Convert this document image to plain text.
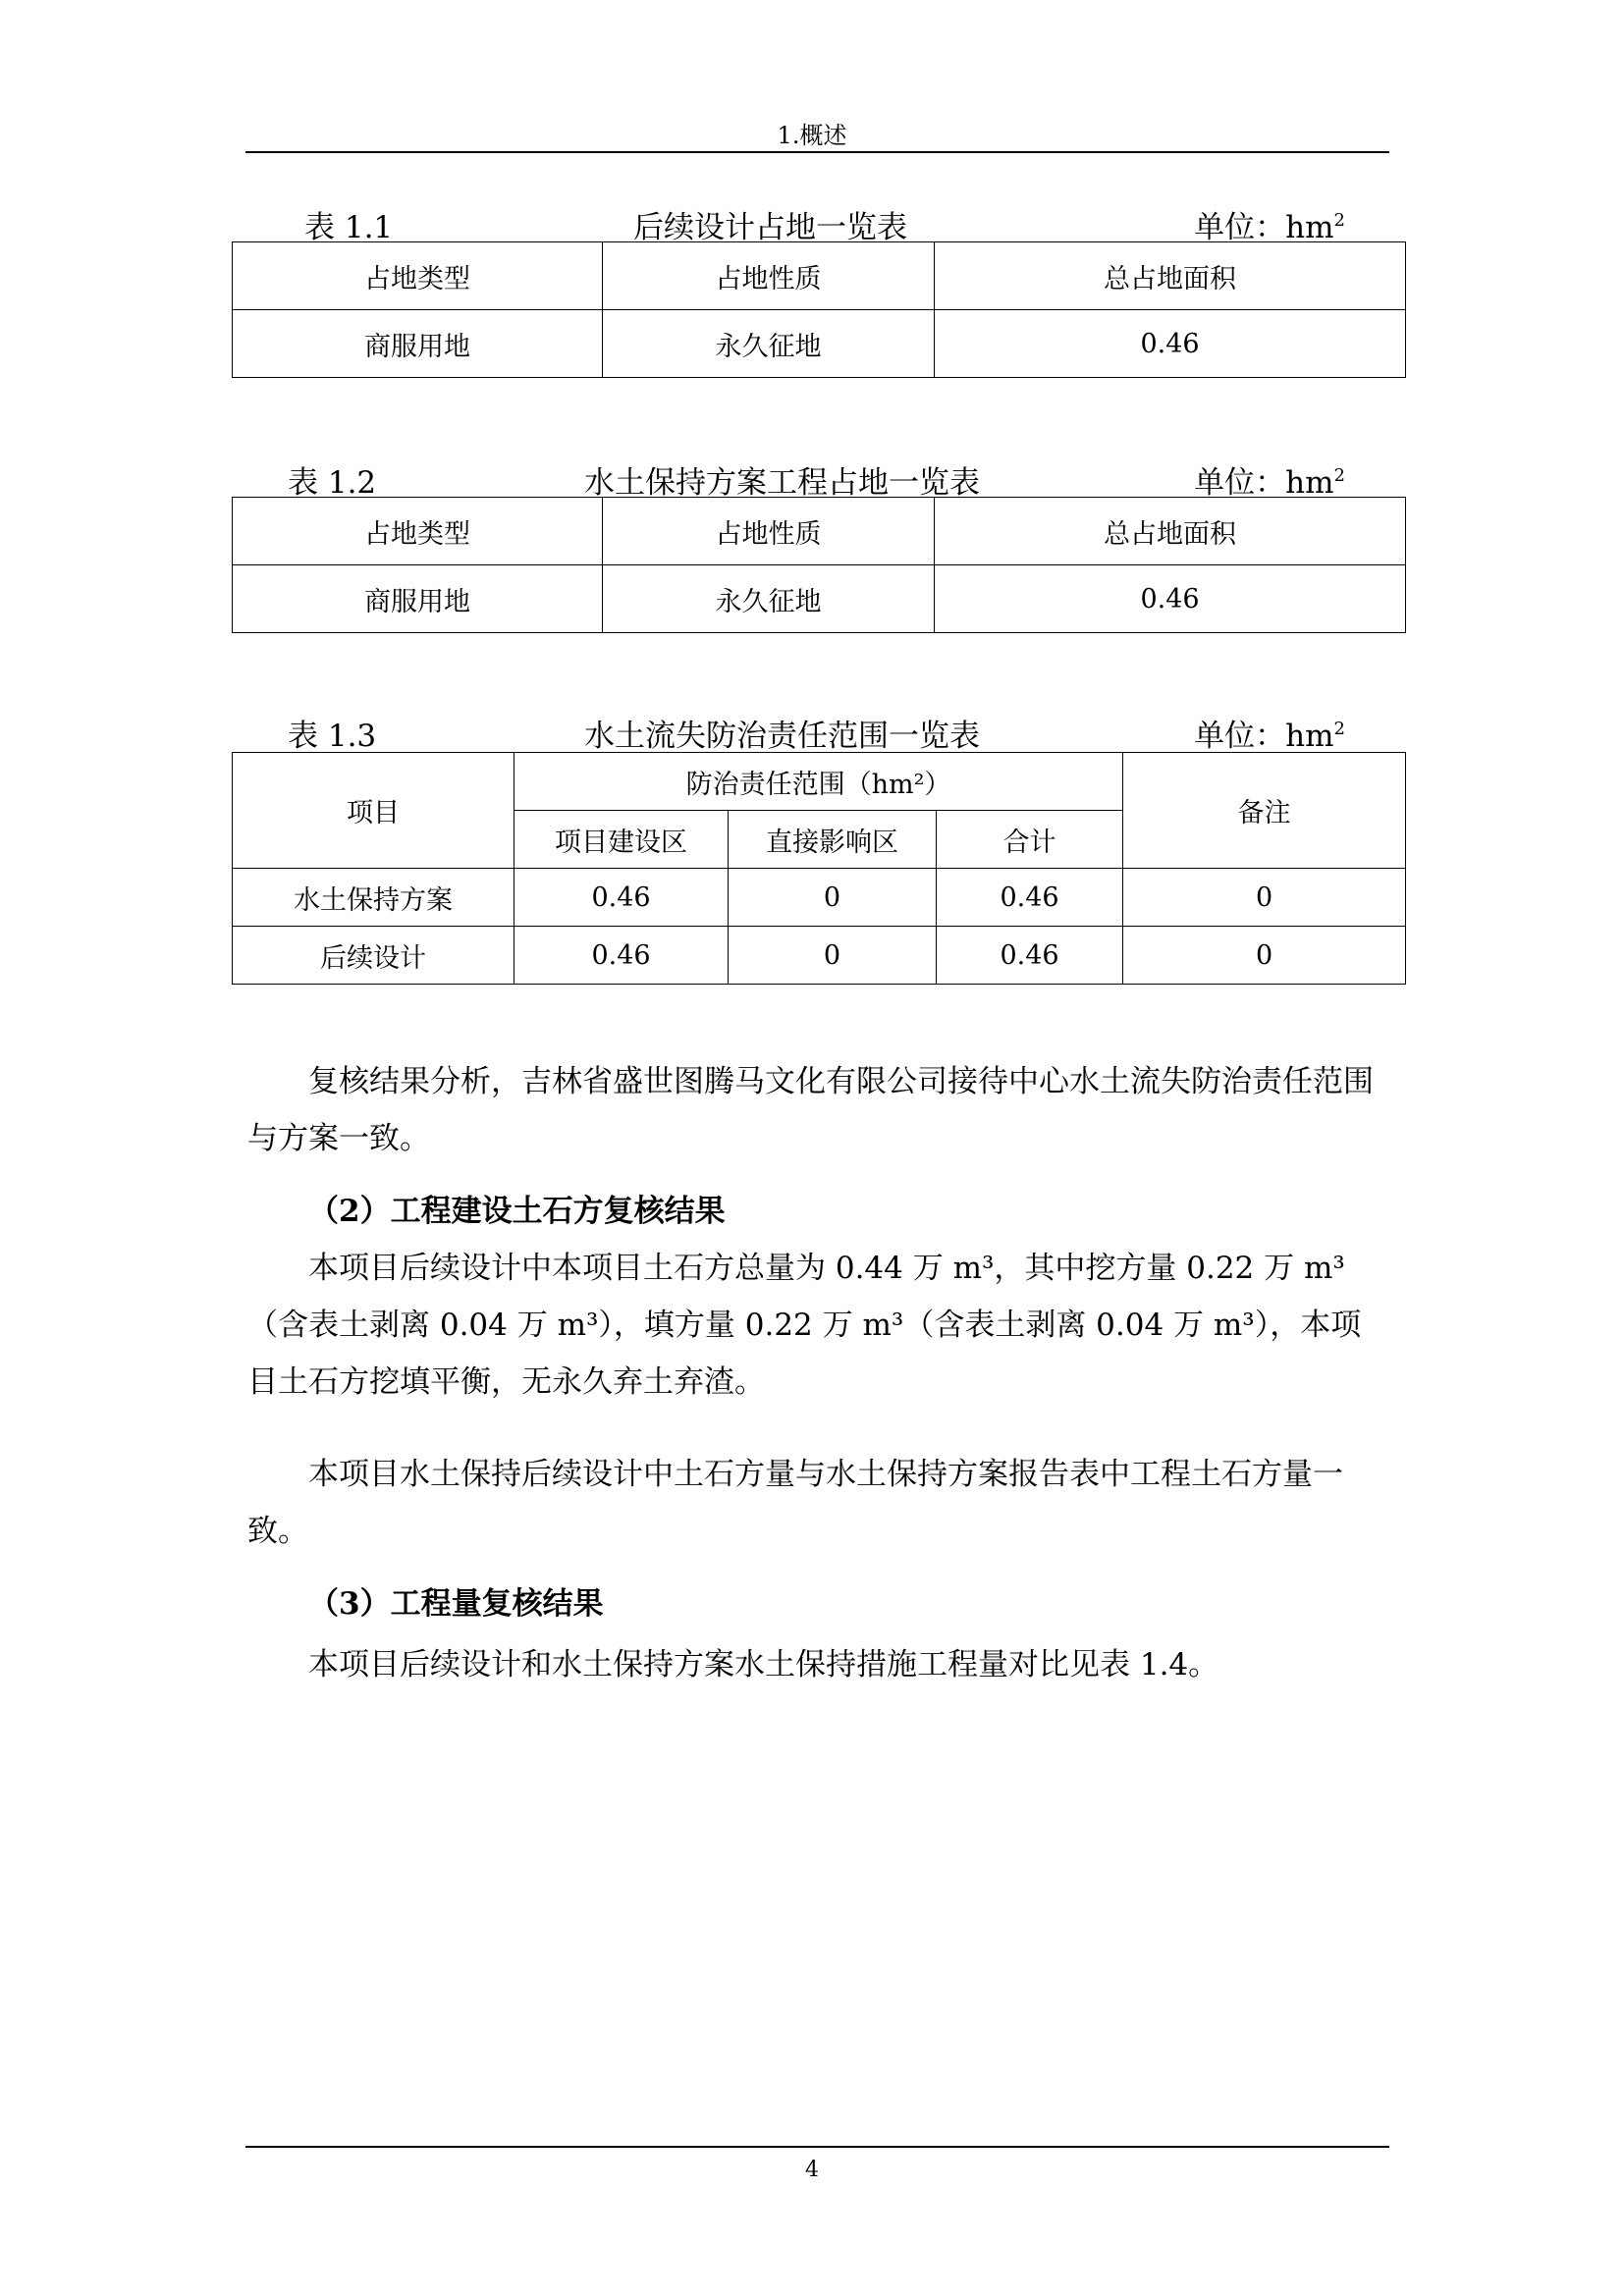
1.概述
表 1.1	后续设计占地一览表	单位：$hm^2$
占地类型	占地性质	总占地面积
商服用地	永久征地	0.46
表 1.2	水土保持方案工程占地一览表	单位：$hm^2$
占地类型	占地性质	总占地面积
商服用地	永久征地	0.46
表 1.3	水土流失防治责任范围一览表	单位：$hm^2$
项目	防治责任范围（hm²）			备注
	项目建设区	直接影响区	合计	
水土保持方案	0.46	0	0.46	0
后续设计	0.46	0	0.46	0

复核结果分析，吉林省盛世图腾马文化有限公司接待中心水土流失防治责任范围与方案一致。

（2）工程建设土石方复核结果

本项目后续设计中本项目土石方总量为 0.44 万 m³，其中挖方量 0.22 万 m³（含表土剥离 0.04 万 m³），填方量 0.22 万 m³（含表土剥离 0.04 万 m³），本项目土石方挖填平衡，无永久弃土弃渣。

本项目水土保持后续设计中土石方量与水土保持方案报告表中工程土石方量一致。

（3）工程量复核结果

本项目后续设计和水土保持方案水土保持措施工程量对比见表 1.4。

4
